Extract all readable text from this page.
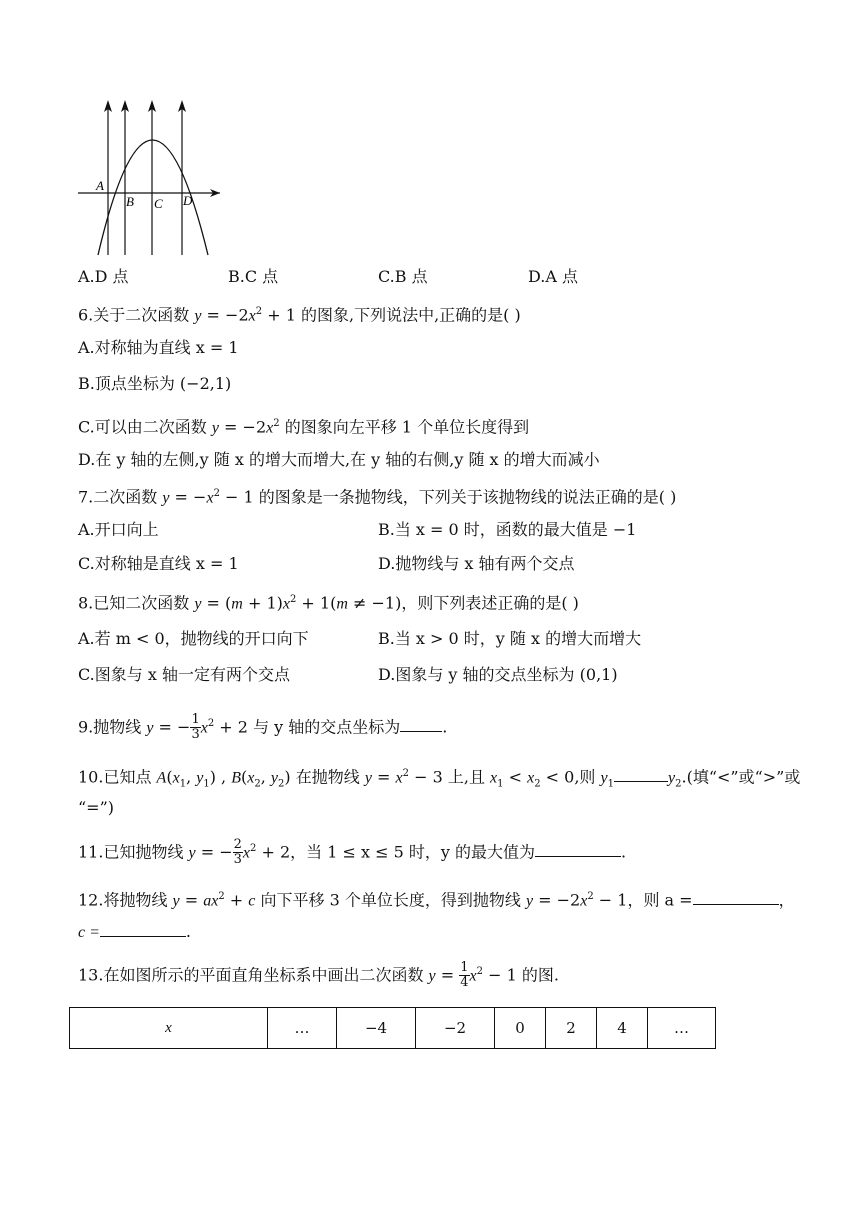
A
B C D
A.D 点	B.C 点	C.B 点	D.A 点
6.关于二次函数 $y = -2x^2 + 1$ 的图象,下列说法中,正确的是( )
A.对称轴为直线 x = 1
B.顶点坐标为 (−2,1)
C.可以由二次函数 $y = -2x^2$ 的图象向左平移 1 个单位长度得到
D.在 y 轴的左侧,y 随 x 的增大而增大,在 y 轴的右侧,y 随 x 的增大而减小
7.二次函数 $y = -x^2 - 1$ 的图象是一条抛物线，下列关于该抛物线的说法正确的是( )
A.开口向上	B.当 x = 0 时，函数的最大值是 −1
C.对称轴是直线 x = 1	D.抛物线与 x 轴有两个交点
8.已知二次函数 $y = (m + 1)x^2 + 1(m \ne -1)$，则下列表述正确的是( )
A.若 m < 0，抛物线的开口向下	B.当 x > 0 时，y 随 x 的增大而增大
C.图象与 x 轴一定有两个交点	D.图象与 y 轴的交点坐标为 (0,1)
9.抛物线 y = − $\frac{1}{3} x^2 + 2$ 与 y 轴的交点坐标为	.
10.已知点 $A(x_1$, $y_1$) , $B(x_2$, $y_2$) 在抛物线 $y = x^2 - 3$ 上,且 $x_1 < x_2 < 0$,则 $y_1$	$y_2$.(填“<”或“>”或
“=”)
11.已知抛物线 y = − $\frac{2}{3} x^2 + 2$，当 1 ≤ x ≤ 5 时，y 的最大值为	.
12.将抛物线 $y = ax^2 + c$ 向下平移 3 个单位长度，得到抛物线 $y = -2x^2 - 1$，则 a =	，
c =	.
13.在如图所示的平面直角坐标系中画出二次函数 $y = \frac{1}{4} x^2 - 1$ 的图.
x	…	−4	−2	0	2	4	…
